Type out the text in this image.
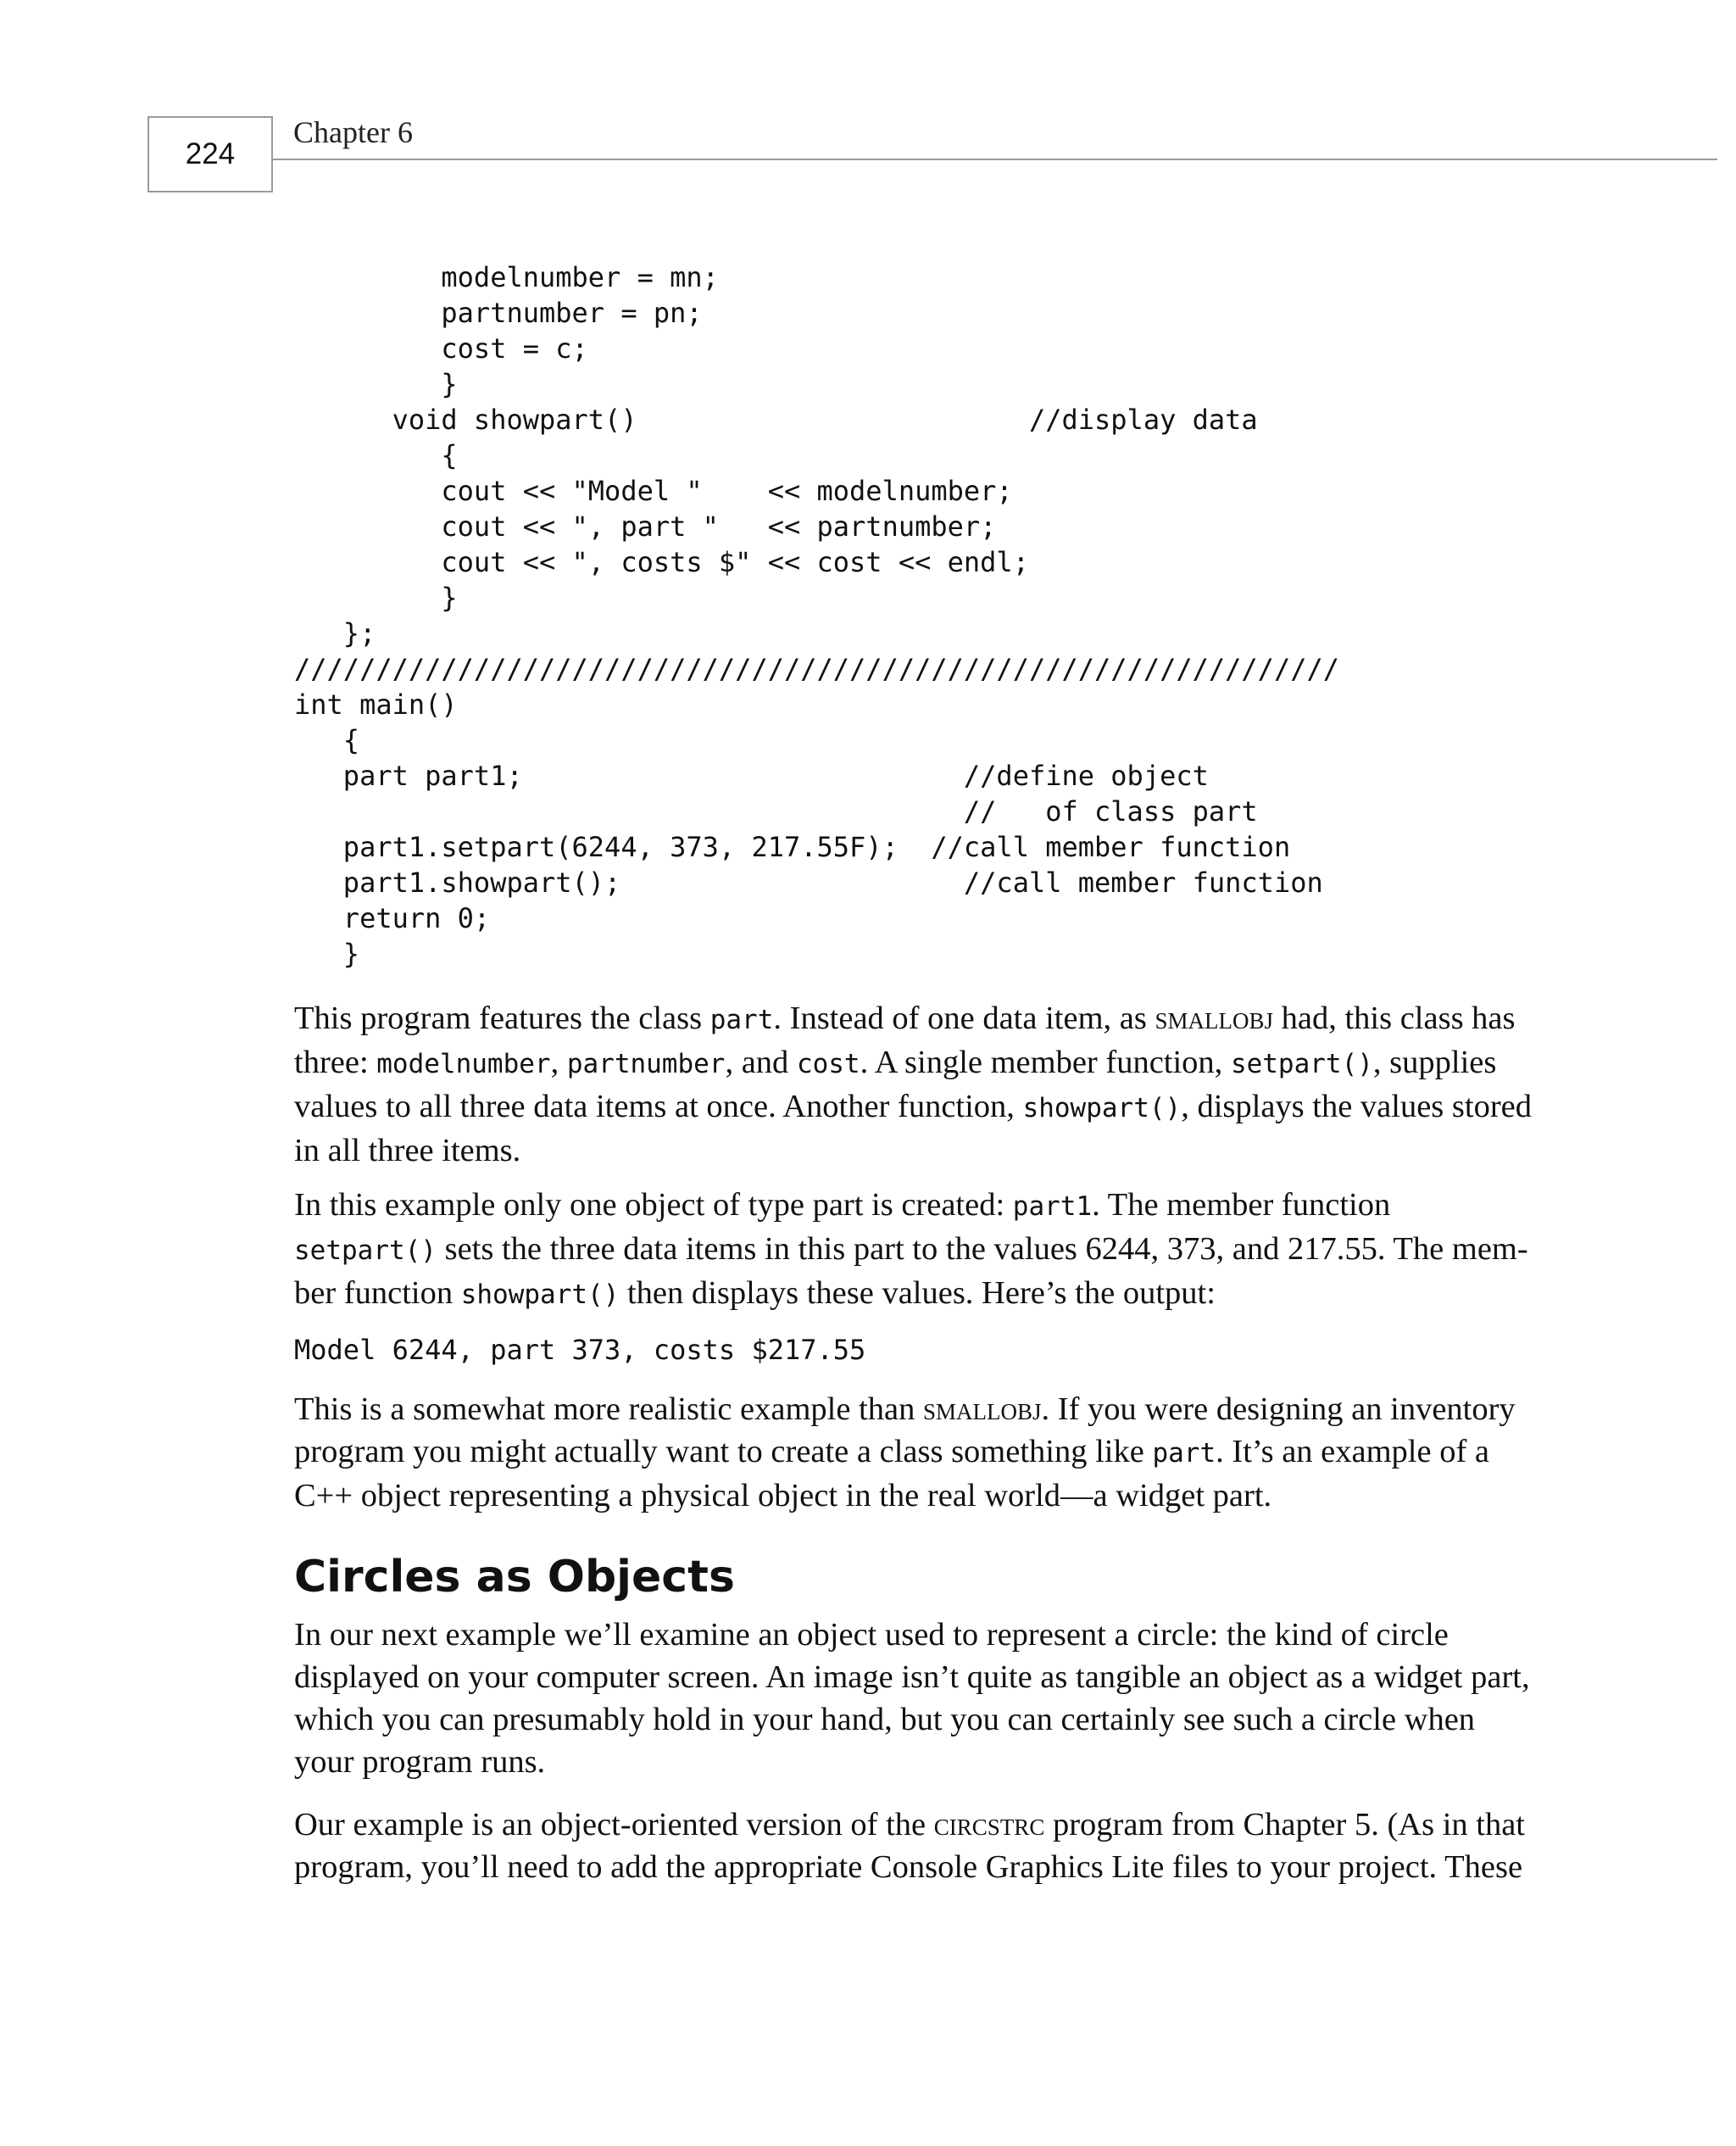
224
Chapter 6
modelnumber = mn;
partnumber = pn;
cost = c;
}
void showpart()                        //display data
{
cout << "Model "    << modelnumber;
cout << ", part "   << partnumber;
cout << ", costs $" << cost << endl;
}
};
////////////////////////////////////////////////////////////////
int main()
{
part part1;                           //define object
//   of class part
part1.setpart(6244, 373, 217.55F);  //call member function
part1.showpart();                     //call member function
return 0;
}

This program features the class part. Instead of one data item, as smallobj had, this class has three: modelnumber, partnumber, and cost. A single member function, setpart(), supplies values to all three data items at once. Another function, showpart(), displays the values stored in all three items.

In this example only one object of type part is created: part1. The member function setpart() sets the three data items in this part to the values 6244, 373, and 217.55. The mem-ber function showpart() then displays these values. Here’s the output:

Model 6244, part 373, costs $217.55

This is a somewhat more realistic example than smallobj. If you were designing an inventory program you might actually want to create a class something like part. It’s an example of a C++ object representing a physical object in the real world—a widget part.

Circles as Objects

In our next example we’ll examine an object used to represent a circle: the kind of circle displayed on your computer screen. An image isn’t quite as tangible an object as a widget part, which you can presumably hold in your hand, but you can certainly see such a circle when your program runs.

Our example is an object-oriented version of the circstrc program from Chapter 5. (As in that program, you’ll need to add the appropriate Console Graphics Lite files to your project. These
